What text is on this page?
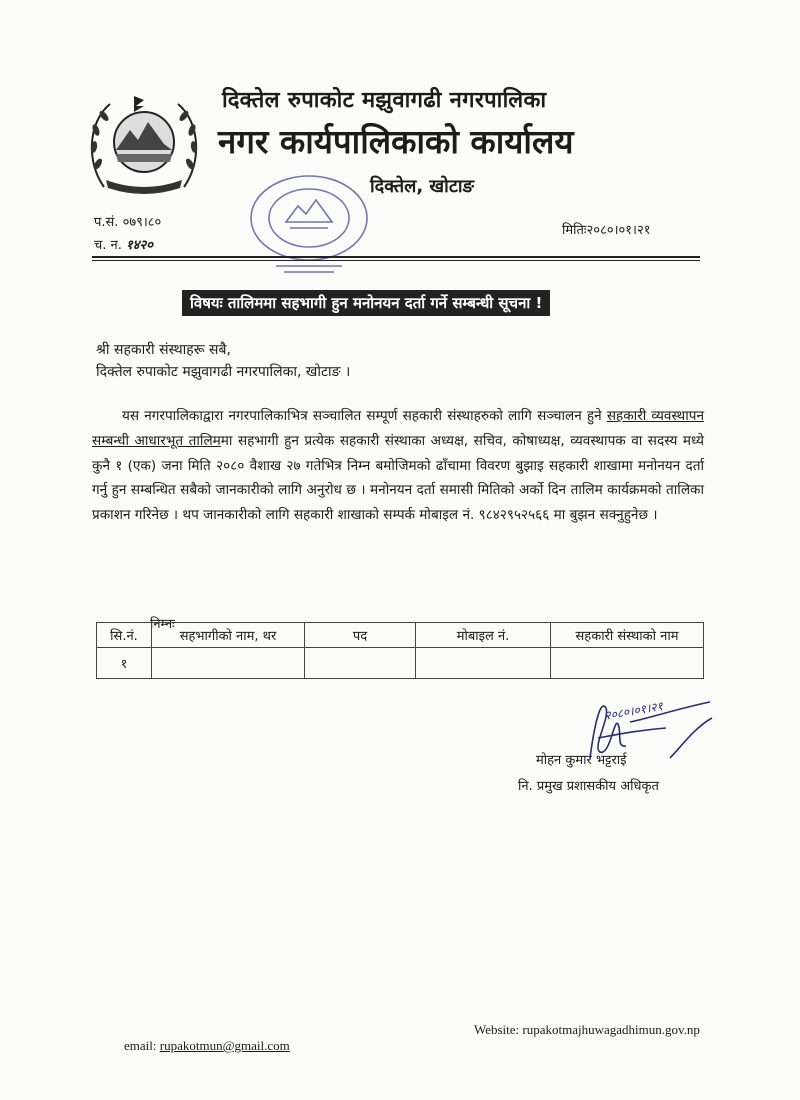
दिक्तेल रुपाकोट मझुवागढी नगरपालिका
नगर कार्यपालिकाको कार्यालय
दिक्तेल, खोटाङ
प.सं. ०७९।८०
च. न. १४२०
मितिः२०८०।०१।२१
विषयः तालिममा सहभागी हुन मनोनयन दर्ता गर्ने सम्बन्धी सूचना !
श्री सहकारी संस्थाहरू सबै,
दिक्तेल रुपाकोट मझुवागढी नगरपालिका, खोटाङ ।

यस नगरपालिकाद्वारा नगरपालिकाभित्र सञ्चालित सम्पूर्ण सहकारी संस्थाहरुको लागि सञ्चालन हुने सहकारी व्यवस्थापन सम्बन्धी आधारभूत तालिममा सहभागी हुन प्रत्येक सहकारी संस्थाका अध्यक्ष, सचिव, कोषाध्यक्ष, व्यवस्थापक वा सदस्य मध्ये कुनै १ (एक) जना मिति २०८० वैशाख २७ गतेभित्र निम्न बमोजिमको ढाँचामा विवरण बुझाइ सहकारी शाखामा मनोनयन दर्ता गर्नु हुन सम्बन्धित सबैको जानकारीको लागि अनुरोध छ । मनोनयन दर्ता समासी मितिको अर्को दिन तालिम कार्यक्रमको तालिका प्रकाशन गरिनेछ । थप जानकारीको लागि सहकारी शाखाको सम्पर्क मोबाइल नं. ९८४२९५२५६६ मा बुझन सक्नुहुनेछ ।

निम्नः
सि.नं.	सहभागीको नाम, थर	पद	मोबाइल नं.	सहकारी संस्थाको नाम
१				
२०८०।०१।२१
मोहन कुमार भट्टराई
नि. प्रमुख प्रशासकीय अधिकृत
Website: rupakotmajhuwagadhimun.gov.np
email: rupakotmun@gmail.com
